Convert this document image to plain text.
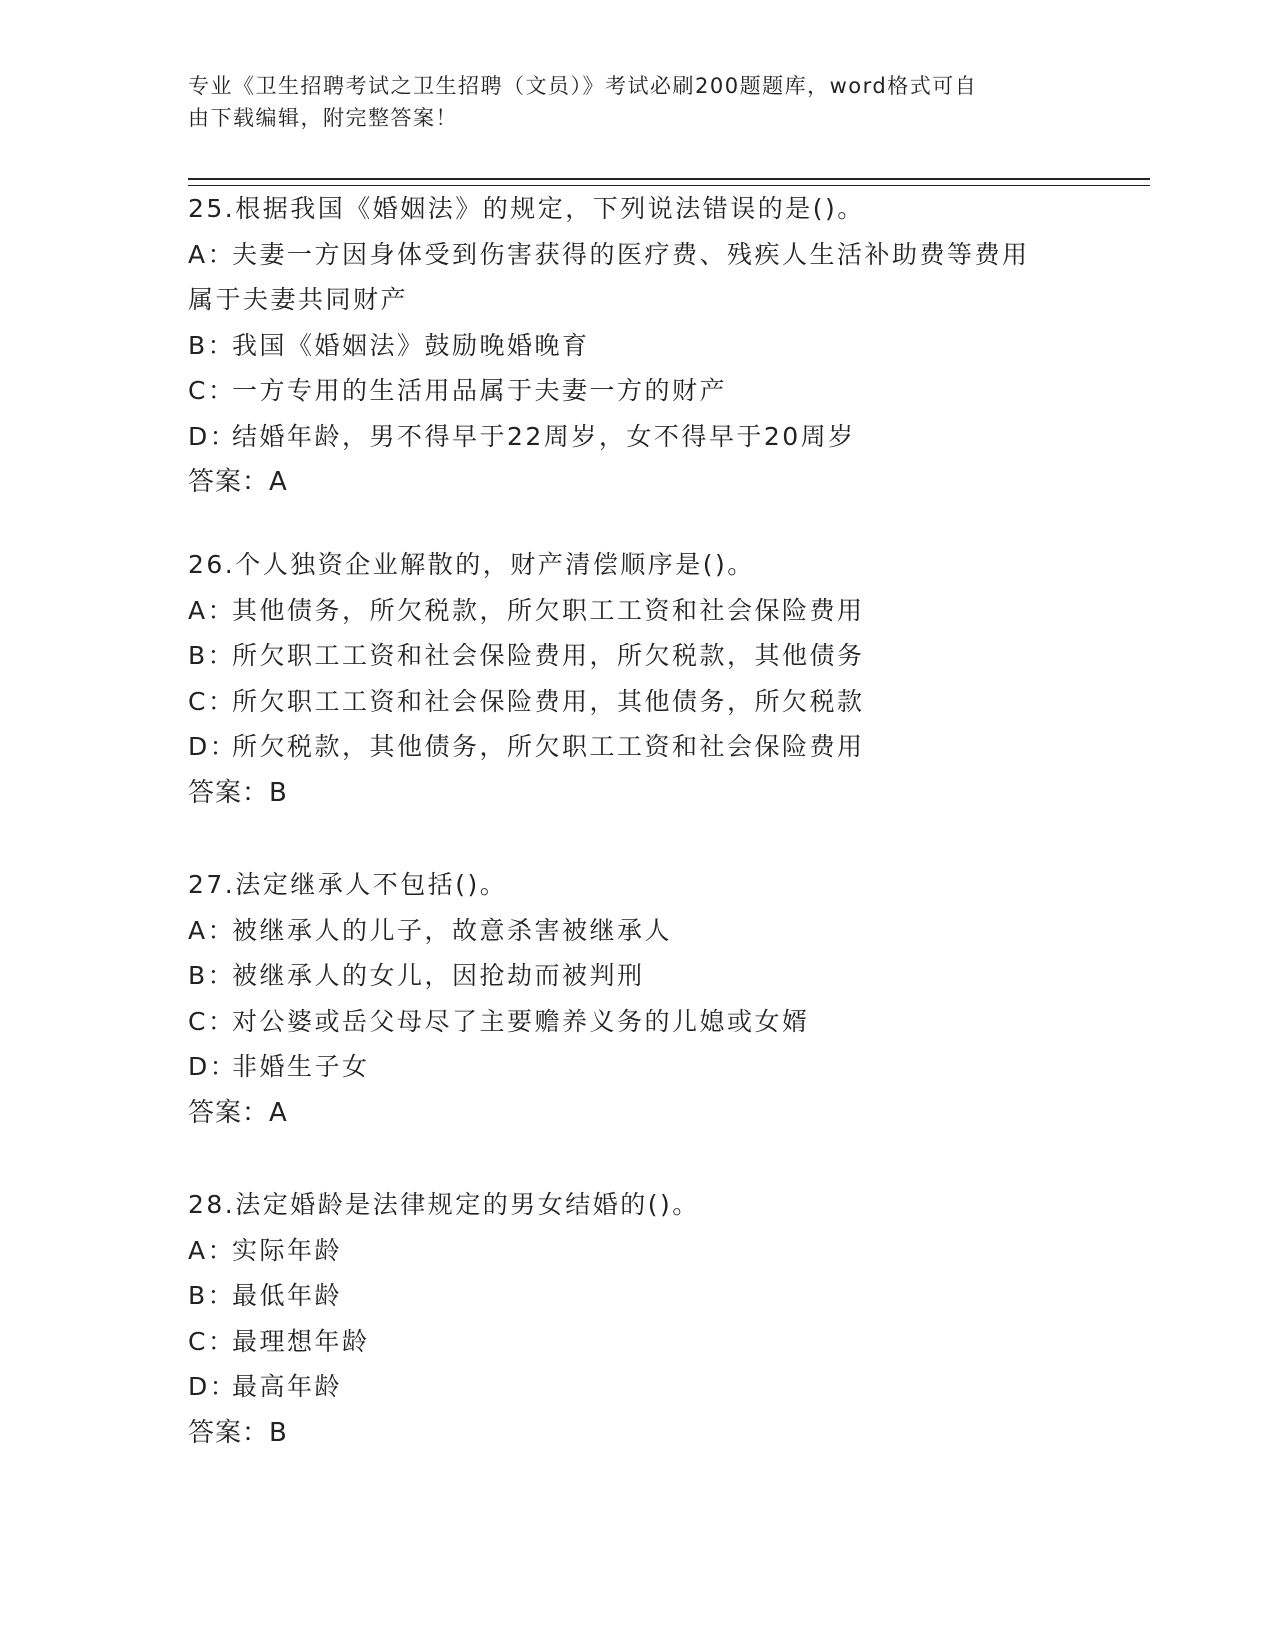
专业《卫生招聘考试之卫生招聘（文员）》考试必刷200题题库，word格式可自
由下载编辑，附完整答案！
25.根据我国《婚姻法》的规定，下列说法错误的是()。
A：
夫妻一方因身体受到伤害获得的医疗费、残疾人生活补助费等费用
属于夫妻共同财产
B：
我国《婚姻法》鼓励晚婚晚育
C：
一方专用的生活用品属于夫妻一方的财产
D：
结婚年龄，男不得早于22周岁，女不得早于20周岁
答案：A
26.个人独资企业解散的，财产清偿顺序是()。
A：
其他债务，所欠税款，所欠职工工资和社会保险费用
B：
所欠职工工资和社会保险费用，所欠税款，其他债务
C：
所欠职工工资和社会保险费用，其他债务，所欠税款
D：
所欠税款，其他债务，所欠职工工资和社会保险费用
答案：B
27.法定继承人不包括()。
A：
被继承人的儿子，故意杀害被继承人
B：
被继承人的女儿，因抢劫而被判刑
C：
对公婆或岳父母尽了主要赡养义务的儿媳或女婿
D：
非婚生子女
答案：A
28.法定婚龄是法律规定的男女结婚的()。
A：
实际年龄
B：
最低年龄
C：
最理想年龄
D：
最高年龄
答案：B
